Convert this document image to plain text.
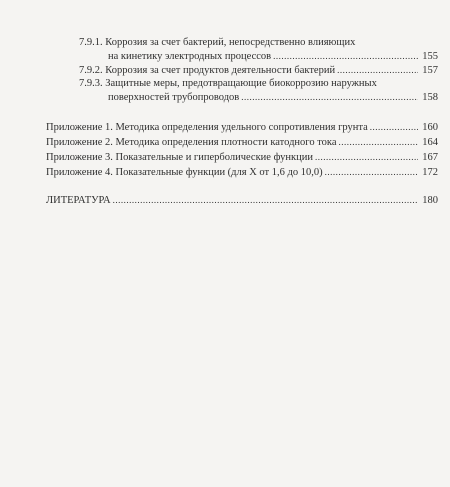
7.9.1. Коррозия за счет бактерий, непосредственно влияющих
на кинетику электродных процессов .....	155
7.9.2. Коррозия за счет продуктов деятельности бактерий .....	157
7.9.3. Защитные меры, предотвращающие биокоррозию наружных
поверхностей трубопроводов .....	158
Приложение 1. Методика определения удельного сопротивления грунта .....	160
Приложение 2. Методика определения плотности катодного тока .....	164
Приложение 3. Показательные и гиперболические функции .....	167
Приложение 4. Показательные функции (для X от 1,6 до 10,0) .....	172
ЛИТЕРАТУРА .....	180
